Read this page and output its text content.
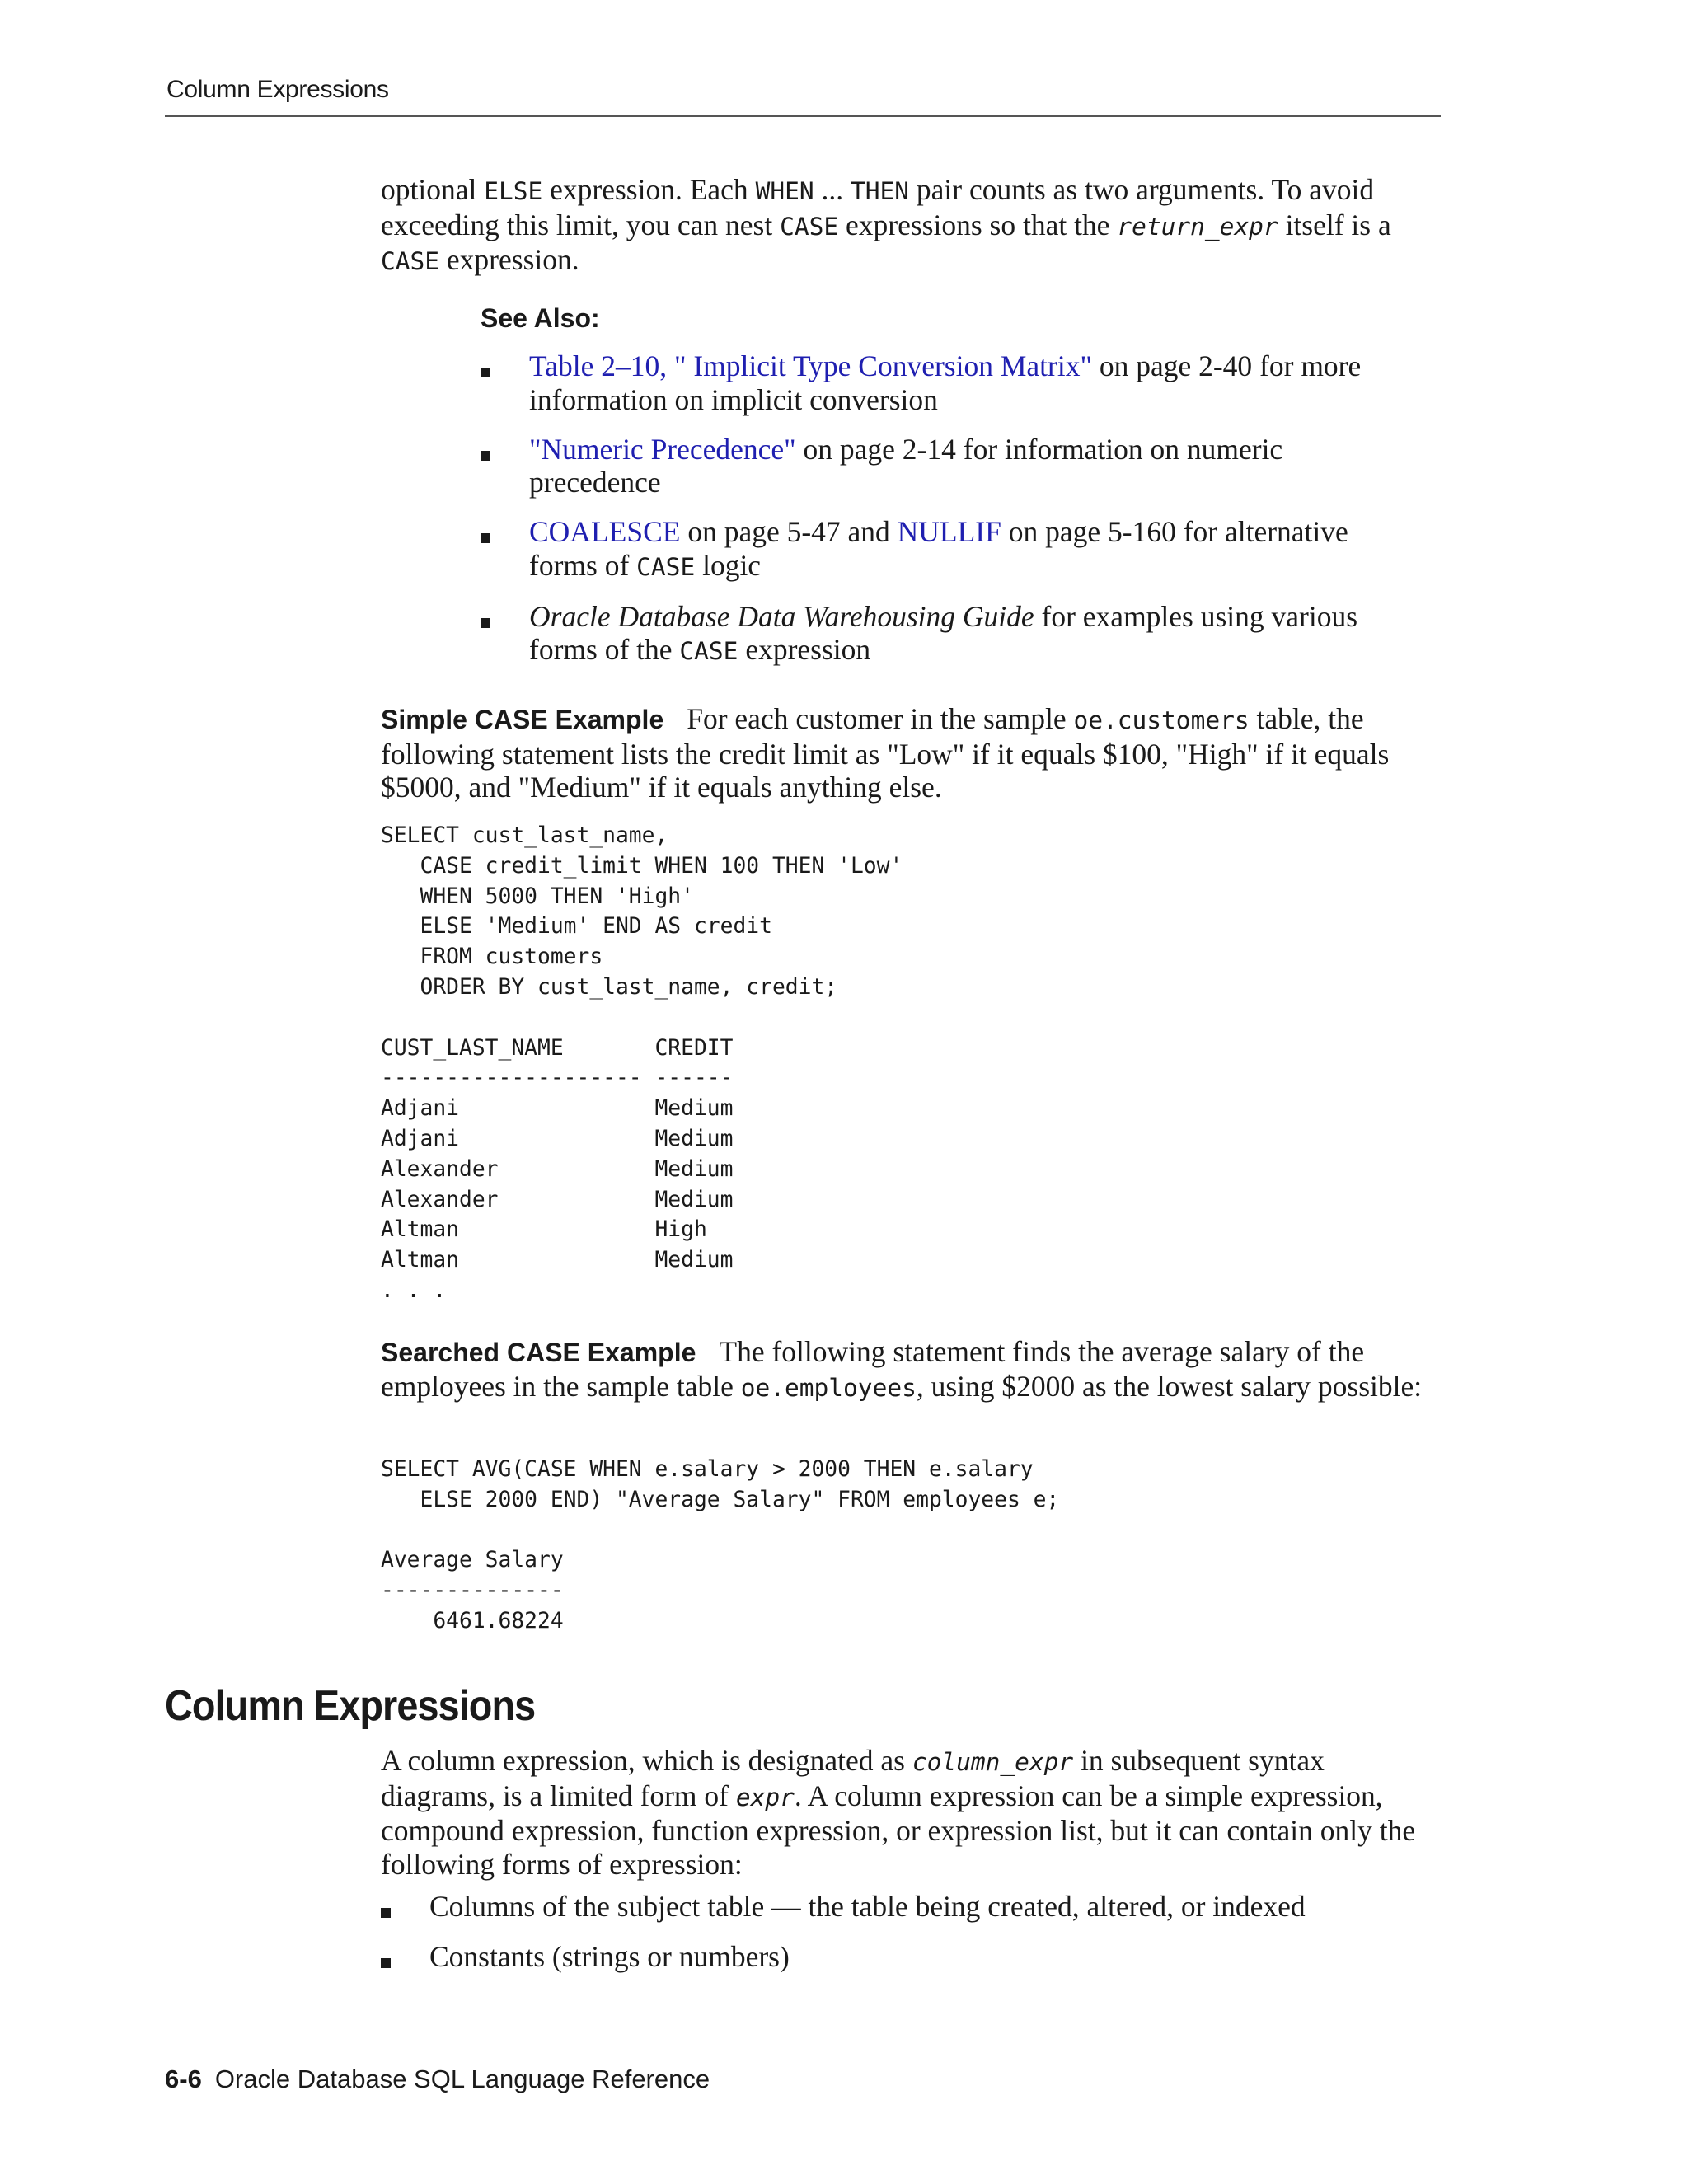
Column Expressions
optional ELSE expression. Each WHEN ... THEN pair counts as two arguments. To avoid exceeding this limit, you can nest CASE expressions so that the return_expr itself is a CASE expression.
See Also:
Table 2–10, " Implicit Type Conversion Matrix" on page 2-40 for more information on implicit conversion
"Numeric Precedence" on page 2-14 for information on numeric precedence
COALESCE on page 5-47 and NULLIF on page 5-160 for alternative forms of CASE logic
Oracle Database Data Warehousing Guide for examples using various forms of the CASE expression
Simple CASE Example For each customer in the sample oe.customers table, the following statement lists the credit limit as "Low" if it equals $100, "High" if it equals $5000, and "Medium" if it equals anything else.
SELECT cust_last_name,
CASE credit_limit WHEN 100 THEN 'Low'
WHEN 5000 THEN 'High'
ELSE 'Medium' END AS credit
FROM customers
ORDER BY cust_last_name, credit;

CUST_LAST_NAME       CREDIT
-------------------- ------
Adjani               Medium
Adjani               Medium
Alexander            Medium
Alexander            Medium
Altman               High
Altman               Medium
. . .
Searched CASE Example The following statement finds the average salary of the employees in the sample table oe.employees, using $2000 as the lowest salary possible:
SELECT AVG(CASE WHEN e.salary > 2000 THEN e.salary
ELSE 2000 END) "Average Salary" FROM employees e;

Average Salary
--------------
6461.68224
Column Expressions
A column expression, which is designated as column_expr in subsequent syntax diagrams, is a limited form of expr. A column expression can be a simple expression, compound expression, function expression, or expression list, but it can contain only the following forms of expression:
Columns of the subject table — the table being created, altered, or indexed
Constants (strings or numbers)
6-6 Oracle Database SQL Language Reference
